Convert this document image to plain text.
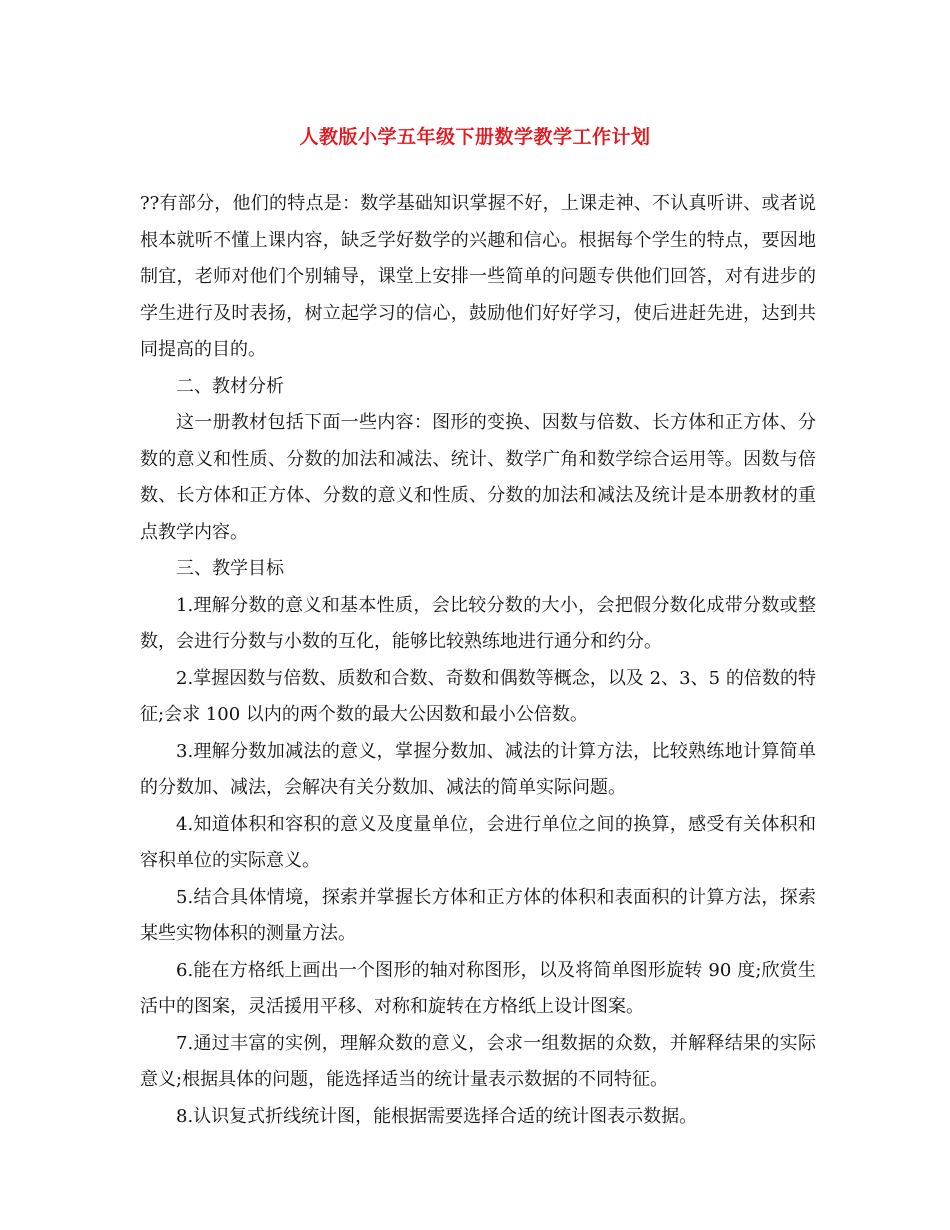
人教版小学五年级下册数学教学工作计划

??有部分，他们的特点是：数学基础知识掌握不好，上课走神、不认真听讲、或者说根本就听不懂上课内容，缺乏学好数学的兴趣和信心。根据每个学生的特点，要因地制宜，老师对他们个别辅导，课堂上安排一些简单的问题专供他们回答，对有进步的学生进行及时表扬，树立起学习的信心，鼓励他们好好学习，使后进赶先进，达到共同提高的目的。

二、教材分析

这一册教材包括下面一些内容：图形的变换、因数与倍数、长方体和正方体、分数的意义和性质、分数的加法和减法、统计、数学广角和数学综合运用等。因数与倍数、长方体和正方体、分数的意义和性质、分数的加法和减法及统计是本册教材的重点教学内容。

三、教学目标

1.理解分数的意义和基本性质，会比较分数的大小，会把假分数化成带分数或整数，会进行分数与小数的互化，能够比较熟练地进行通分和约分。

2.掌握因数与倍数、质数和合数、奇数和偶数等概念，以及 2、3、5 的倍数的特征;会求 100 以内的两个数的最大公因数和最小公倍数。

3.理解分数加减法的意义，掌握分数加、减法的计算方法，比较熟练地计算简单的分数加、减法，会解决有关分数加、减法的简单实际问题。

4.知道体积和容积的意义及度量单位，会进行单位之间的换算，感受有关体积和容积单位的实际意义。

5.结合具体情境，探索并掌握长方体和正方体的体积和表面积的计算方法，探索某些实物体积的测量方法。

6.能在方格纸上画出一个图形的轴对称图形，以及将简单图形旋转 90 度;欣赏生活中的图案，灵活援用平移、对称和旋转在方格纸上设计图案。

7.通过丰富的实例，理解众数的意义，会求一组数据的众数，并解释结果的实际意义;根据具体的问题，能选择适当的统计量表示数据的不同特征。

8.认识复式折线统计图，能根据需要选择合适的统计图表示数据。
